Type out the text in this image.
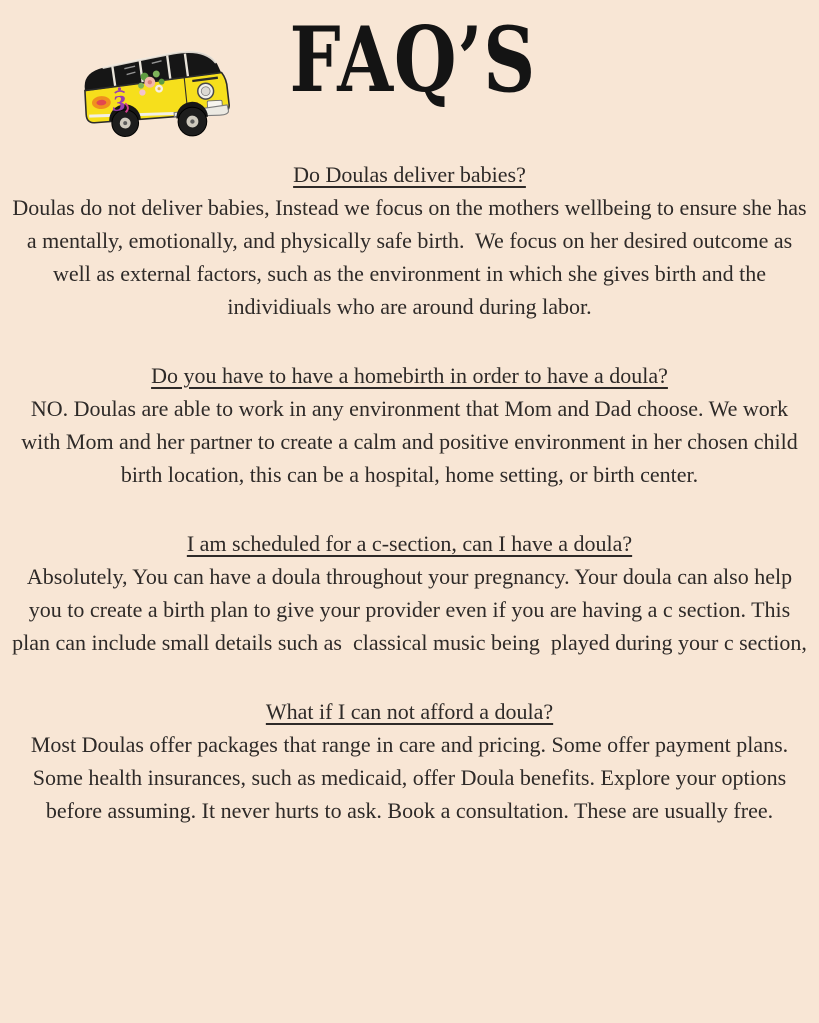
3	FAQ’S
Do Doulas deliver babies?

Doulas do not deliver babies, Instead we focus on the mothers wellbeing to ensure she has a mentally, emotionally, and physically safe birth.  We focus on her desired outcome as well as external factors, such as the environment in which she gives birth and the individiuals who are around during labor.

Do you have to have a homebirth in order to have a doula?

NO. Doulas are able to work in any environment that Mom and Dad choose. We work with Mom and her partner to create a calm and positive environment in her chosen child birth location, this can be a hospital, home setting, or birth center.

I am scheduled for a c-section, can I have a doula?

Absolutely, You can have a doula throughout your pregnancy. Your doula can also help you to create a birth plan to give your provider even if you are having a c section. This plan can include small details such as  classical music being  played during your c section,

What if I can not afford a doula?

Most Doulas offer packages that range in care and pricing. Some offer payment plans. Some health insurances, such as medicaid, offer Doula benefits. Explore your options before assuming. It never hurts to ask. Book a consultation. These are usually free.
